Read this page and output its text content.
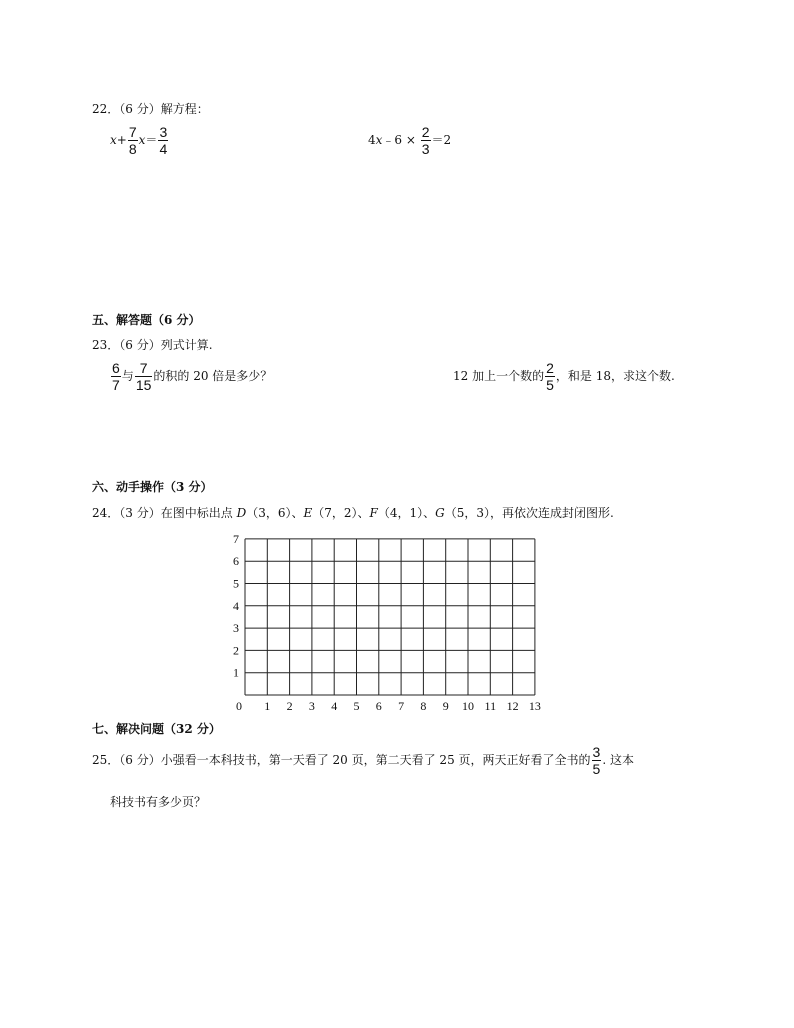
22．（6 分）解方程：
$x+ \frac{7}{8} x= \frac{3}{4}$	4x﹣6 × $\frac{2}{3} =2$
五、解答题（6 分）
23．（6 分）列式计算.
$\frac{6}{7}$ 与 $\frac{7}{15}$ 的积的 20 倍是多少？	12 加上一个数的 $\frac{2}{5}$ ，和是 18，求这个数.
六、动手操作（3 分）
24．（3 分）在图中标出点 D（3，6）、E（7，2）、F（4，1）、G（5，3），再依次连成封闭图形.
0 1 2 3 4 5 6 7 8 9 10 11 12 13
1
2
3
4
5
6
7
七、解决问题（32 分）
25．（6 分）小强看一本科技书，第一天看了 20 页，第二天看了 25 页，两天正好看了全书的 $\frac{3}{5}$ . 这本
科技书有多少页？
